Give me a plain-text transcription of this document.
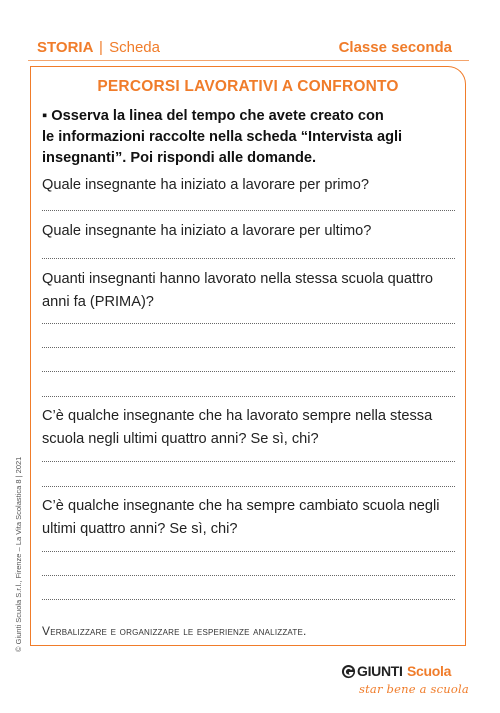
STORIA | Scheda	Classe seconda
PERCORSI LAVORATIVI A CONFRONTO
▪ Osserva la linea del tempo che avete creato con
le informazioni raccolte nella scheda “Intervista agli
insegnanti”. Poi rispondi alle domande.
Quale insegnante ha iniziato a lavorare per primo?
Quale insegnante ha iniziato a lavorare per ultimo?
Quanti insegnanti hanno lavorato nella stessa scuola quattro
anni fa (PRIMA)?
C’è qualche insegnante che ha lavorato sempre nella stessa
scuola negli ultimi quattro anni? Se sì, chi?
C’è qualche insegnante che ha sempre cambiato scuola negli
ultimi quattro anni? Se sì, chi?
Verbalizzare e organizzare le esperienze analizzate.
© Giunti Scuola S.r.l., Firenze – La Vita Scolastica 8 | 2021
GIUNTI Scuola
star bene a scuola
